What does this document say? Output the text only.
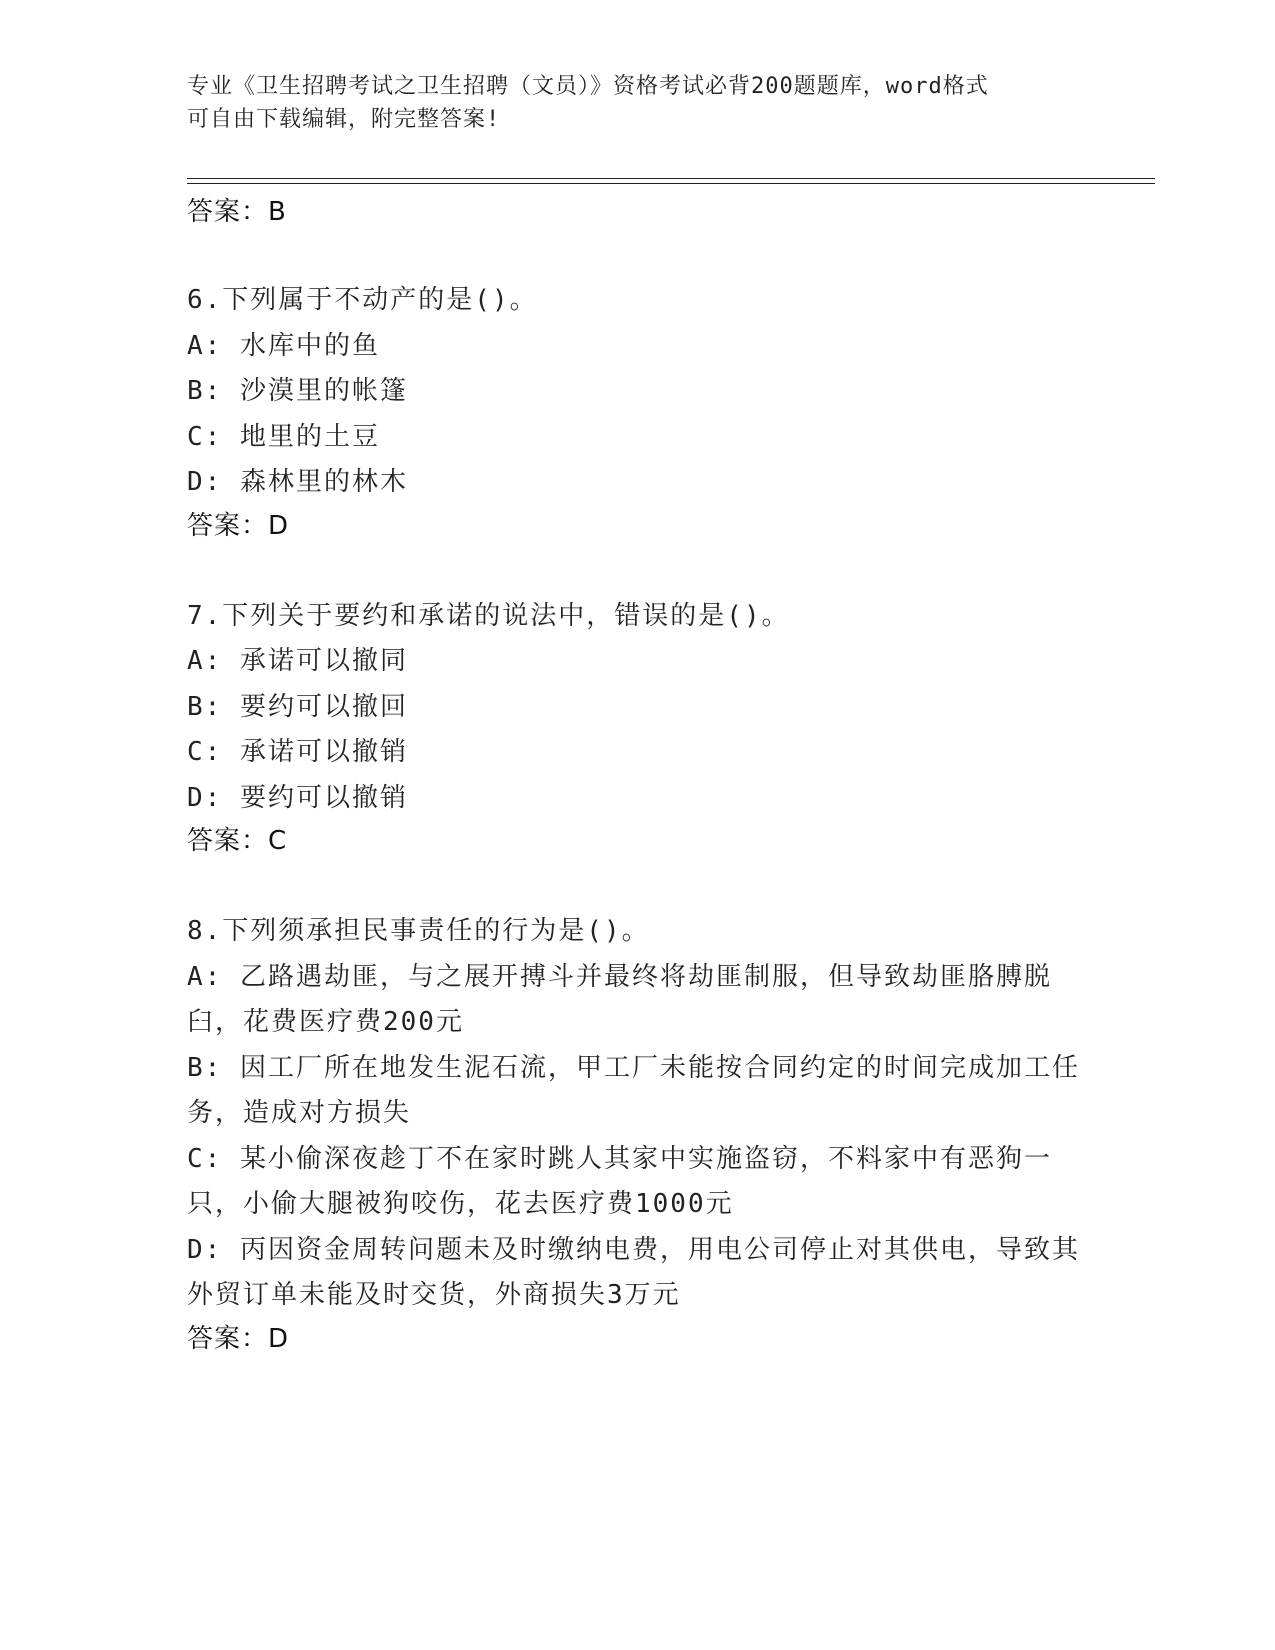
专业《卫生招聘考试之卫生招聘（文员）》资格考试必背200题题库，word格式
可自由下载编辑，附完整答案!

答案：B

6.下列属于不动产的是()。

A: 水库中的鱼

B: 沙漠里的帐篷

C: 地里的土豆

D: 森林里的林木

答案：D

7.下列关于要约和承诺的说法中，错误的是()。

A: 承诺可以撤同

B: 要约可以撤回

C: 承诺可以撤销

D: 要约可以撤销

答案：C

8.下列须承担民事责任的行为是()。

A: 乙路遇劫匪，与之展开搏斗并最终将劫匪制服，但导致劫匪胳膊脱臼，花费医疗费200元

B: 因工厂所在地发生泥石流，甲工厂未能按合同约定的时间完成加工任务，造成对方损失

C: 某小偷深夜趁丁不在家时跳人其家中实施盗窃，不料家中有恶狗一只，小偷大腿被狗咬伤，花去医疗费1000元

D: 丙因资金周转问题未及时缴纳电费，用电公司停止对其供电，导致其外贸订单未能及时交货，外商损失3万元

答案：D
